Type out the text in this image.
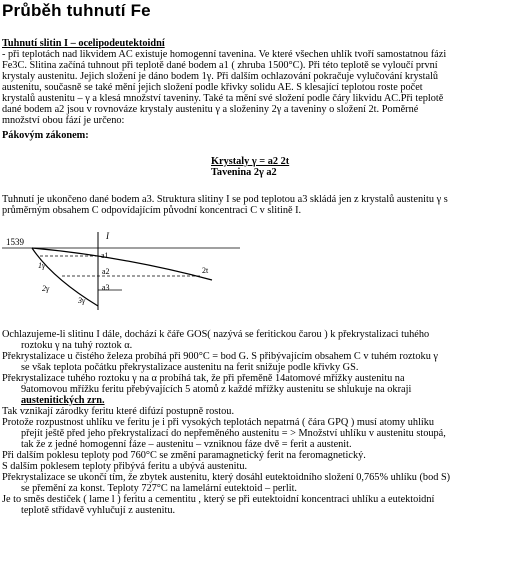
Průběh tuhnutí Fe
Tuhnutí slitin I – ocelipodeutektoidní
- při teplotách nad likvidem AC existuje homogenní tavenina. Ve které všechen uhlík tvoří samostatnou fázi
Fe3C. Slitina začíná tuhnout při teplotě dané bodem a1 ( zhruba 1500°C). Při této teplotě se vyloučí první
krystaly austenitu. Jejich složení je dáno bodem 1γ. Při dalším ochlazování pokračuje vylučování krystalů
austenitu, současně se také mění jejich složení podle křivky solidu AE. S klesající teplotou roste počet
krystalů austenitu – γ a klesá množství taveniny. Také ta mění své složení podle čáry likvidu AC.Při teplotě
dané bodem a2 jsou v rovnováze krystaly austenitu γ a složeniny 2γ a taveniny o složení 2t. Poměrné
množství obou fází je určeno:
Pákovým zákonem:
Krystaly γ = a2 2t
Tavenina 2γ a2
Tuhnutí je ukončeno dané bodem a3. Struktura slitiny I se pod teplotou a3 skládá jen z krystalů austenitu γ s
průměrným obsahem C odpovídajícím původní koncentraci C v slitině I.
1539
I
1γ
2γ
3γ
a1
a2
a3
2t
Ochlazujeme-li slitinu I dále, dochází k čáře GOS( nazývá se feritickou čarou ) k překrystalizaci tuhého
roztoku γ na tuhý roztok α.
Překrystalizace u čistého železa probíhá při 900°C = bod G. S přibývajícím obsahem C v tuhém roztoku γ
se však teplota počátku překrystalizace austenitu na ferit snižuje podle křivky GS.
Překrystalizace tuhého roztoku γ na α probíhá tak, že při přeměně 14atomové mřížky austenitu na
9atomovou mřížku feritu přebývajících 5 atomů z každé mřížky austenitu se shlukuje na okraji
austenitických zrn.
Tak vznikají zárodky feritu které difúzí postupně rostou.
Protože rozpustnost uhlíku ve feritu je i při vysokých teplotách nepatrná ( čára GPQ ) musí atomy uhlíku
přejít ještě před jeho překrystalizací do nepřeměného austenitu = > Množství uhlíku v austenitu stoupá,
tak že z jedné homogenní fáze – austenitu – vzniknou fáze dvě = ferit a austenit.
Při dalším poklesu teploty pod 760°C se změní paramagnetický ferit na feromagnetický.
S dalším poklesem teploty přibývá feritu a ubývá austenitu.
Překrystalizace se ukončí tím, že zbytek austenitu, který dosáhl eutektoidního složení 0,765% uhlíku (bod S)
se přemění za konst. Teploty 727°C na lamelární eutektoid – perlit.
Je to směs destiček ( lame l ) feritu a cementitu , který se při eutektoidní koncentraci uhlíku a eutektoidní
teplotě střídavě vyhlučují z austenitu.
